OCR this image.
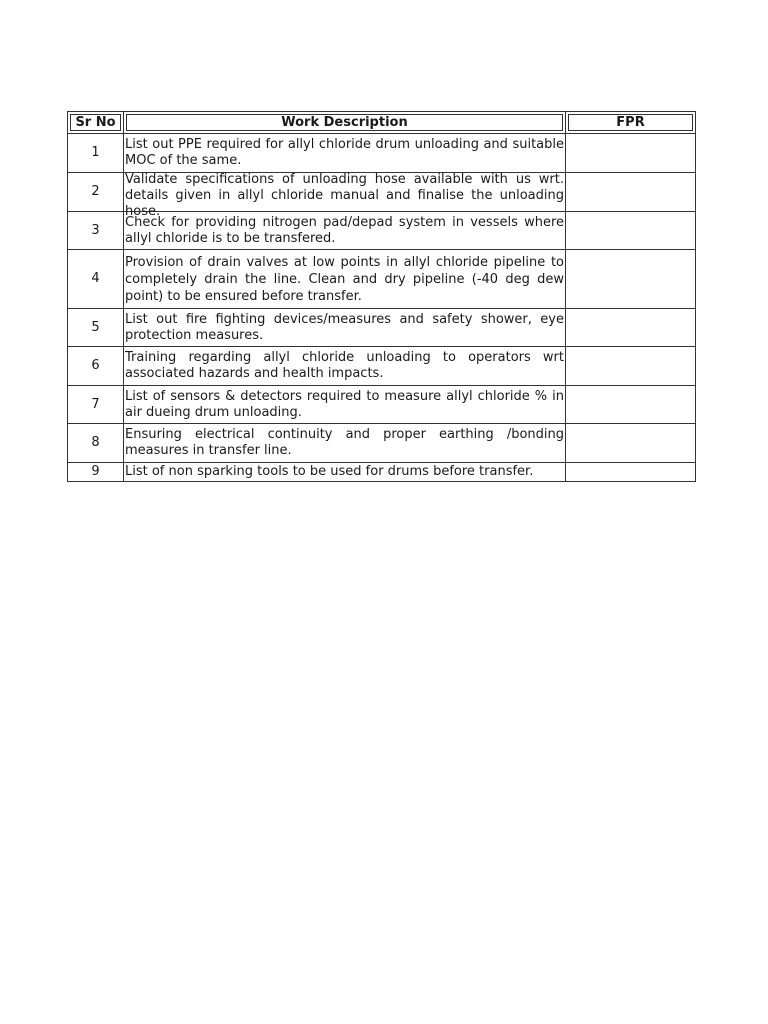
Sr No	Work Description	FPR
1	List out PPE required for allyl chloride drum unloading and suitable MOC of the same.	

2	Validate specifications of unloading hose available with us wrt. details given in allyl chloride manual and finalise the unloading hose.	

3	Check for providing nitrogen pad/depad system in vessels where allyl chloride is to be transfered.	

4	Provision of drain valves at low points in allyl chloride pipeline to completely drain the line. Clean and dry pipeline (-40 deg dew point) to be ensured before transfer.	

5	List out fire fighting devices/measures and safety shower, eye protection measures.	

6	Training regarding allyl chloride unloading to operators wrt associated hazards and health impacts.	

7	List of sensors & detectors required to measure allyl chloride % in air dueing drum unloading.	

8	Ensuring electrical continuity and proper earthing /bonding measures in transfer line.	

9	List of non sparking tools to be used for drums before transfer.	
